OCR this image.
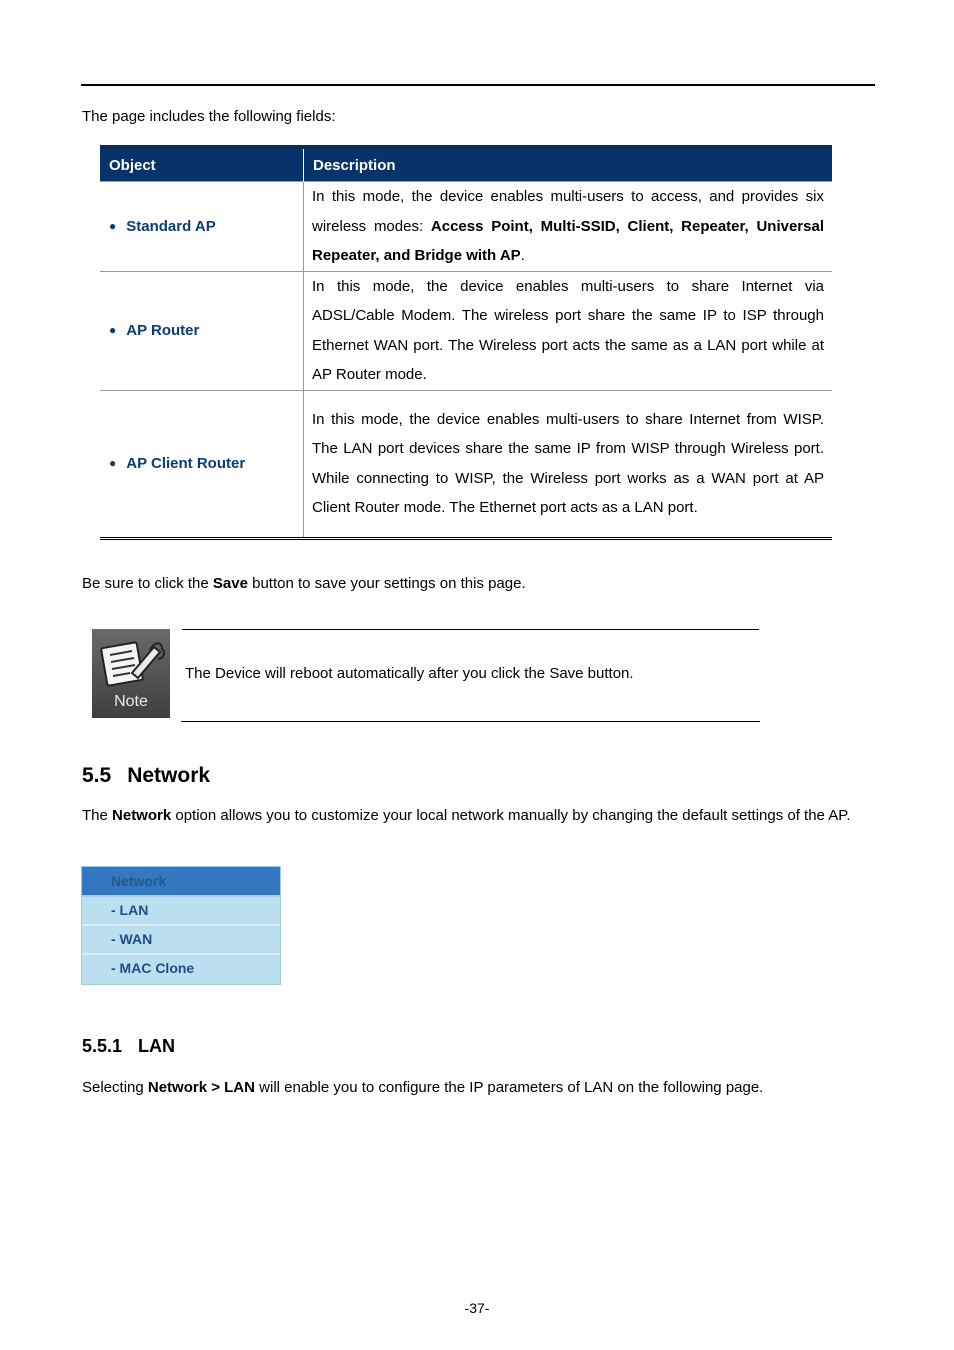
The page includes the following fields:

Object	Description
● Standard AP	In this mode, the device enables multi-users to access, and provides six wireless modes: Access Point, Multi-SSID, Client, Repeater, Universal Repeater, and Bridge with AP.
● AP Router	In this mode, the device enables multi-users to share Internet via ADSL/Cable Modem. The wireless port share the same IP to ISP through Ethernet WAN port. The Wireless port acts the same as a LAN port while at AP Router mode.
● AP Client Router	In this mode, the device enables multi-users to share Internet from WISP. The LAN port devices share the same IP from WISP through Wireless port. While connecting to WISP, the Wireless port works as a WAN port at AP Client Router mode. The Ethernet port acts as a LAN port.

Be sure to click the Save button to save your settings on this page.

Note

The Device will reboot automatically after you click the Save button.

5.5 Network

The Network option allows you to customize your local network manually by changing the default settings of the AP.

Network
- LAN
- WAN
- MAC Clone
5.5.1 LAN

Selecting Network > LAN will enable you to configure the IP parameters of LAN on the following page.

-37-
